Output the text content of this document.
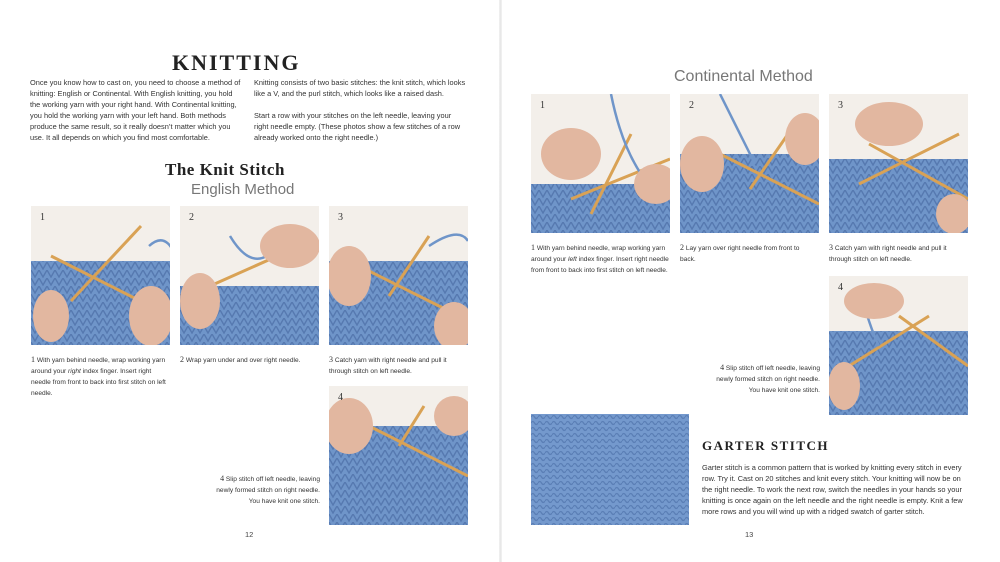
KNITTING
Once you know how to cast on, you need to choose a method of knitting: English or Continental. With English knitting, you hold the working yarn with your right hand. With Continental knitting, you hold the working yarn with your left hand. Both methods produce the same result, so it really doesn’t matter which you use. It all depends on which you find most comfortable.
Knitting consists of two basic stitches: the knit stitch, which looks like a V, and the purl stitch, which looks like a raised dash.
Start a row with your stitches on the left needle, leaving your right needle empty. (These photos show a few stitches of a row already worked onto the right needle.)
The Knit Stitch
English Method
1	2	3
4
1 With yarn behind needle, wrap working yarn around your right index finger. Insert right needle from front to back into first stitch on left needle.
2 Wrap yarn under and over right needle.	3 Catch yarn with right needle and pull it through stitch on left needle.
4 Slip stitch off left needle, leaving newly formed stitch on right needle. You have knit one stitch.
12
Continental Method
1	2	3
4
1 With yarn behind needle, wrap working yarn around your left index finger. Insert right needle from front to back into first stitch on left needle.
2 Lay yarn over right needle from front to back.
3 Catch yarn with right needle and pull it through stitch on left needle.
4 Slip stitch off left needle, leaving newly formed stitch on right needle. You have knit one stitch.
GARTER STITCH
Garter stitch is a common pattern that is worked by knitting every stitch in every row. Try it. Cast on 20 stitches and knit every stitch. Your knitting will now be on the right needle. To work the next row, switch the needles in your hands so your knitting is once again on the left needle and the right needle is empty. Knit a few more rows and you will wind up with a ridged swatch of garter stitch.
13
